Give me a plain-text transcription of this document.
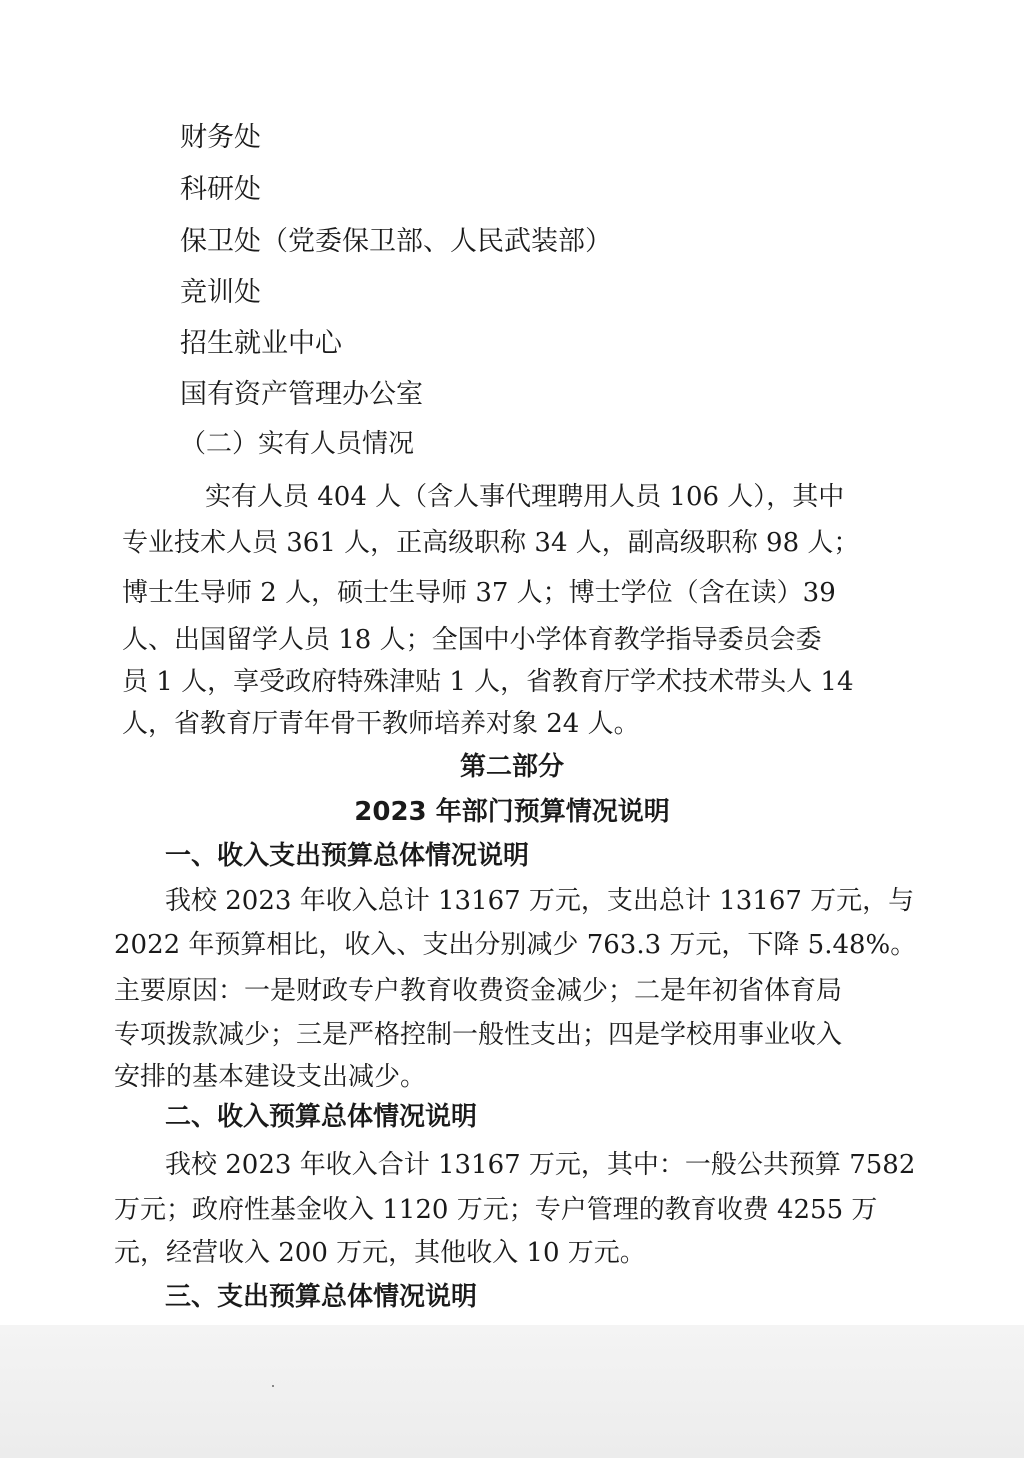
财务处

科研处

保卫处（党委保卫部、人民武装部）

竞训处

招生就业中心

国有资产管理办公室

（二）实有人员情况

实有人员 404 人（含人事代理聘用人员 106 人），其中

专业技术人员 361 人，正高级职称 34 人，副高级职称 98 人；

博士生导师 2 人，硕士生导师 37 人；博士学位（含在读）39

人、出国留学人员 18 人；全国中小学体育教学指导委员会委

员 1 人，享受政府特殊津贴 1 人，省教育厅学术技术带头人 14

人，省教育厅青年骨干教师培养对象 24 人。

第二部分

2023 年部门预算情况说明

一、收入支出预算总体情况说明

我校 2023 年收入总计 13167 万元，支出总计 13167 万元，与

2022 年预算相比，收入、支出分别减少 763.3 万元，下降 5.48%。

主要原因：一是财政专户教育收费资金减少；二是年初省体育局

专项拨款减少；三是严格控制一般性支出；四是学校用事业收入

安排的基本建设支出减少。

二、收入预算总体情况说明

我校 2023 年收入合计 13167 万元，其中：一般公共预算 7582

万元；政府性基金收入 1120 万元；专户管理的教育收费 4255 万

元，经营收入 200 万元，其他收入 10 万元。

三、支出预算总体情况说明
